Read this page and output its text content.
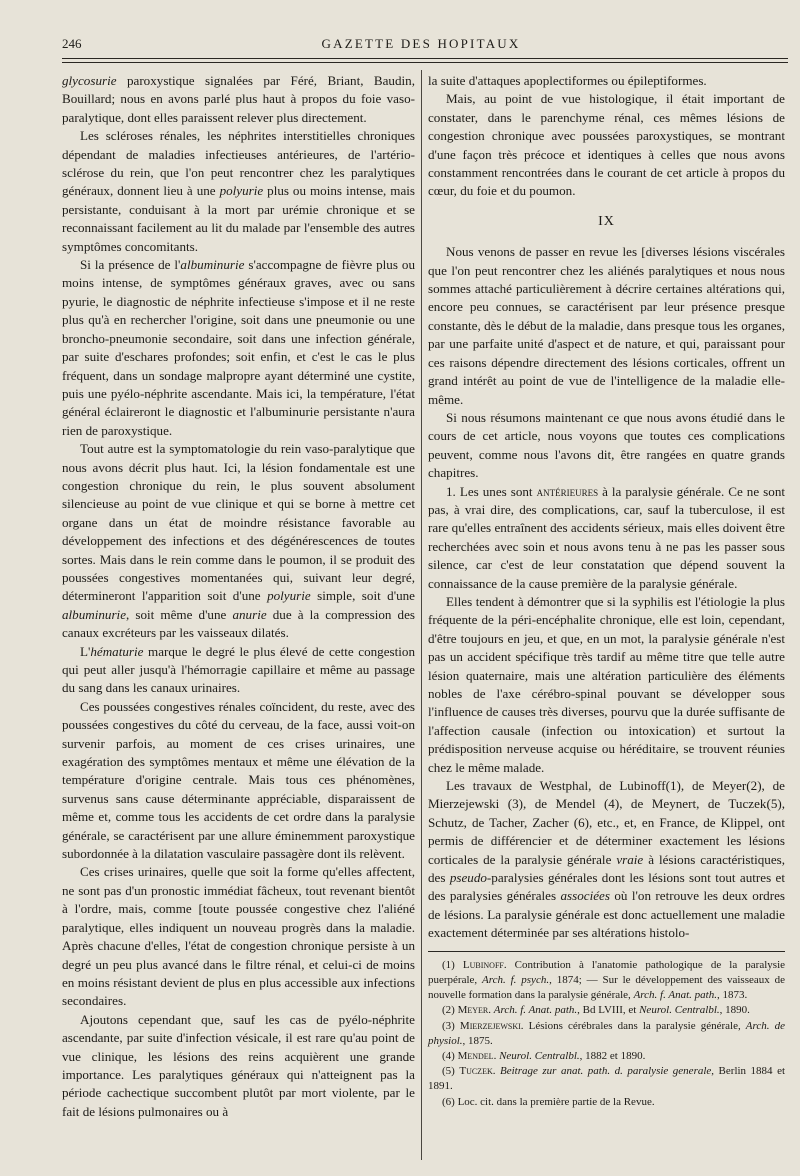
246	GAZETTE DES HOPITAUX

glycosurie paroxystique signalées par Féré, Briant, Baudin, Bouillard; nous en avons parlé plus haut à propos du foie vaso-paralytique, dont elles paraissent relever plus directement.

Les scléroses rénales, les néphrites interstitielles chroniques dépendant de maladies infectieuses antérieures, de l'artério-sclérose du rein, que l'on peut rencontrer chez les paralytiques généraux, donnent lieu à une polyurie plus ou moins intense, mais persistante, conduisant à la mort par urémie chronique et se reconnaissant facilement au lit du malade par l'ensemble des autres symptômes concomitants.

Si la présence de l'albuminurie s'accompagne de fièvre plus ou moins intense, de symptômes généraux graves, avec ou sans pyurie, le diagnostic de néphrite infectieuse s'impose et il ne reste plus qu'à en rechercher l'origine, soit dans une pneumonie ou une broncho-pneumonie secondaire, soit dans une infection générale, par suite d'eschares profondes; soit enfin, et c'est le cas le plus fréquent, dans un sondage malpropre ayant déterminé une cystite, puis une pyélo-néphrite ascendante. Mais ici, la température, l'état général éclaireront le diagnostic et l'albuminurie persistante n'aura rien de paroxystique.

Tout autre est la symptomatologie du rein vaso-paralytique que nous avons décrit plus haut. Ici, la lésion fondamentale est une congestion chronique du rein, le plus souvent absolument silencieuse au point de vue clinique et qui se borne à mettre cet organe dans un état de moindre résistance favorable au développement des infections et des dégénérescences de toutes sortes. Mais dans le rein comme dans le poumon, il se produit des poussées congestives momentanées qui, suivant leur degré, détermineront l'apparition soit d'une polyurie simple, soit d'une albuminurie, soit même d'une anurie due à la compression des canaux excréteurs par les vaisseaux dilatés.

L'hématurie marque le degré le plus élevé de cette congestion qui peut aller jusqu'à l'hémorragie capillaire et même au passage du sang dans les canaux urinaires.

Ces poussées congestives rénales coïncident, du reste, avec des poussées congestives du côté du cerveau, de la face, aussi voit-on survenir parfois, au moment de ces crises urinaires, une exagération des symptômes mentaux et même une élévation de la température d'origine centrale. Mais tous ces phénomènes, survenus sans cause déterminante appréciable, disparaissent de même et, comme tous les accidents de cet ordre dans la paralysie générale, se caractérisent par une allure éminemment paroxystique subordonnée à la dilatation vasculaire passagère dont ils relèvent.

Ces crises urinaires, quelle que soit la forme qu'elles affectent, ne sont pas d'un pronostic immédiat fâcheux, tout revenant bientôt à l'ordre, mais, comme [toute poussée congestive chez l'aliéné paralytique, elles indiquent un nouveau progrès dans la maladie. Après chacune d'elles, l'état de congestion chronique persiste à un degré un peu plus avancé dans le filtre rénal, et celui-ci de moins en moins résistant devient de plus en plus accessible aux infections secondaires.

Ajoutons cependant que, sauf les cas de pyélo-néphrite ascendante, par suite d'infection vésicale, il est rare qu'au point de vue clinique, les lésions des reins acquièrent une grande importance. Les paralytiques généraux qui n'atteignent pas la période cachectique succombent plutôt par mort violente, par le fait de lésions pulmonaires ou à

la suite d'attaques apoplectiformes ou épileptiformes.

Mais, au point de vue histologique, il était important de constater, dans le parenchyme rénal, ces mêmes lésions de congestion chronique avec poussées paroxystiques, se montrant d'une façon très précoce et identiques à celles que nous avons constamment rencontrées dans le courant de cet article à propos du cœur, du foie et du poumon.

IX

Nous venons de passer en revue les [diverses lésions viscérales que l'on peut rencontrer chez les aliénés paralytiques et nous nous sommes attaché particulièrement à décrire certaines altérations qui, encore peu connues, se caractérisent par leur présence presque constante, dès le début de la maladie, dans presque tous les organes, par une parfaite unité d'aspect et de nature, et qui, paraissant pour ces raisons dépendre directement des lésions corticales, offrent un grand intérêt au point de vue de l'intelligence de la maladie elle-même.

Si nous résumons maintenant ce que nous avons étudié dans le cours de cet article, nous voyons que toutes ces complications peuvent, comme nous l'avons dit, être rangées en quatre grands chapitres.

1. Les unes sont antérieures à la paralysie générale. Ce ne sont pas, à vrai dire, des complications, car, sauf la tuberculose, il est rare qu'elles entraînent des accidents sérieux, mais elles doivent être recherchées avec soin et nous avons tenu à ne pas les passer sous silence, car c'est de leur constatation que dépend souvent la connaissance de la cause première de la paralysie générale.

Elles tendent à démontrer que si la syphilis est l'étiologie la plus fréquente de la péri-encéphalite chronique, elle est loin, cependant, d'être toujours en jeu, et que, en un mot, la paralysie générale n'est pas un accident spécifique très tardif au même titre que telle autre lésion quaternaire, mais une altération particulière des éléments nobles de l'axe cérébro-spinal pouvant se développer sous l'influence de causes très diverses, pourvu que la durée suffisante de l'affection causale (infection ou intoxication) et surtout la prédisposition nerveuse acquise ou héréditaire, se trouvent réunies chez le même malade.

Les travaux de Westphal, de Lubinoff(1), de Meyer(2), de Mierzejewski (3), de Mendel (4), de Meynert, de Tuczek(5), Schutz, de Tacher, Zacher (6), etc., et, en France, de Klippel, ont permis de différencier et de déterminer exactement les lésions corticales de la paralysie générale vraie à lésions caractéristiques, des pseudo-paralysies générales dont les lésions sont tout autres et des paralysies générales associées où l'on retrouve les deux ordres de lésions. La paralysie générale est donc actuellement une maladie exactement déterminée par ses altérations histolo-

(1) Lubinoff. Contribution à l'anatomie pathologique de la paralysie puerpérale, Arch. f. psych., 1874; — Sur le développement des vaisseaux de nouvelle formation dans la paralysie générale, Arch. f. Anat. path., 1873.

(2) Meyer. Arch. f. Anat. path., Bd LVIII, et Neurol. Centralbl., 1890.

(3) Mierzejewski. Lésions cérébrales dans la paralysie générale, Arch. de physiol., 1875.

(4) Mendel. Neurol. Centralbl., 1882 et 1890.

(5) Tuczek. Beitrage zur anat. path. d. paralysie generale, Berlin 1884 et 1891.

(6) Loc. cit. dans la première partie de la Revue.
